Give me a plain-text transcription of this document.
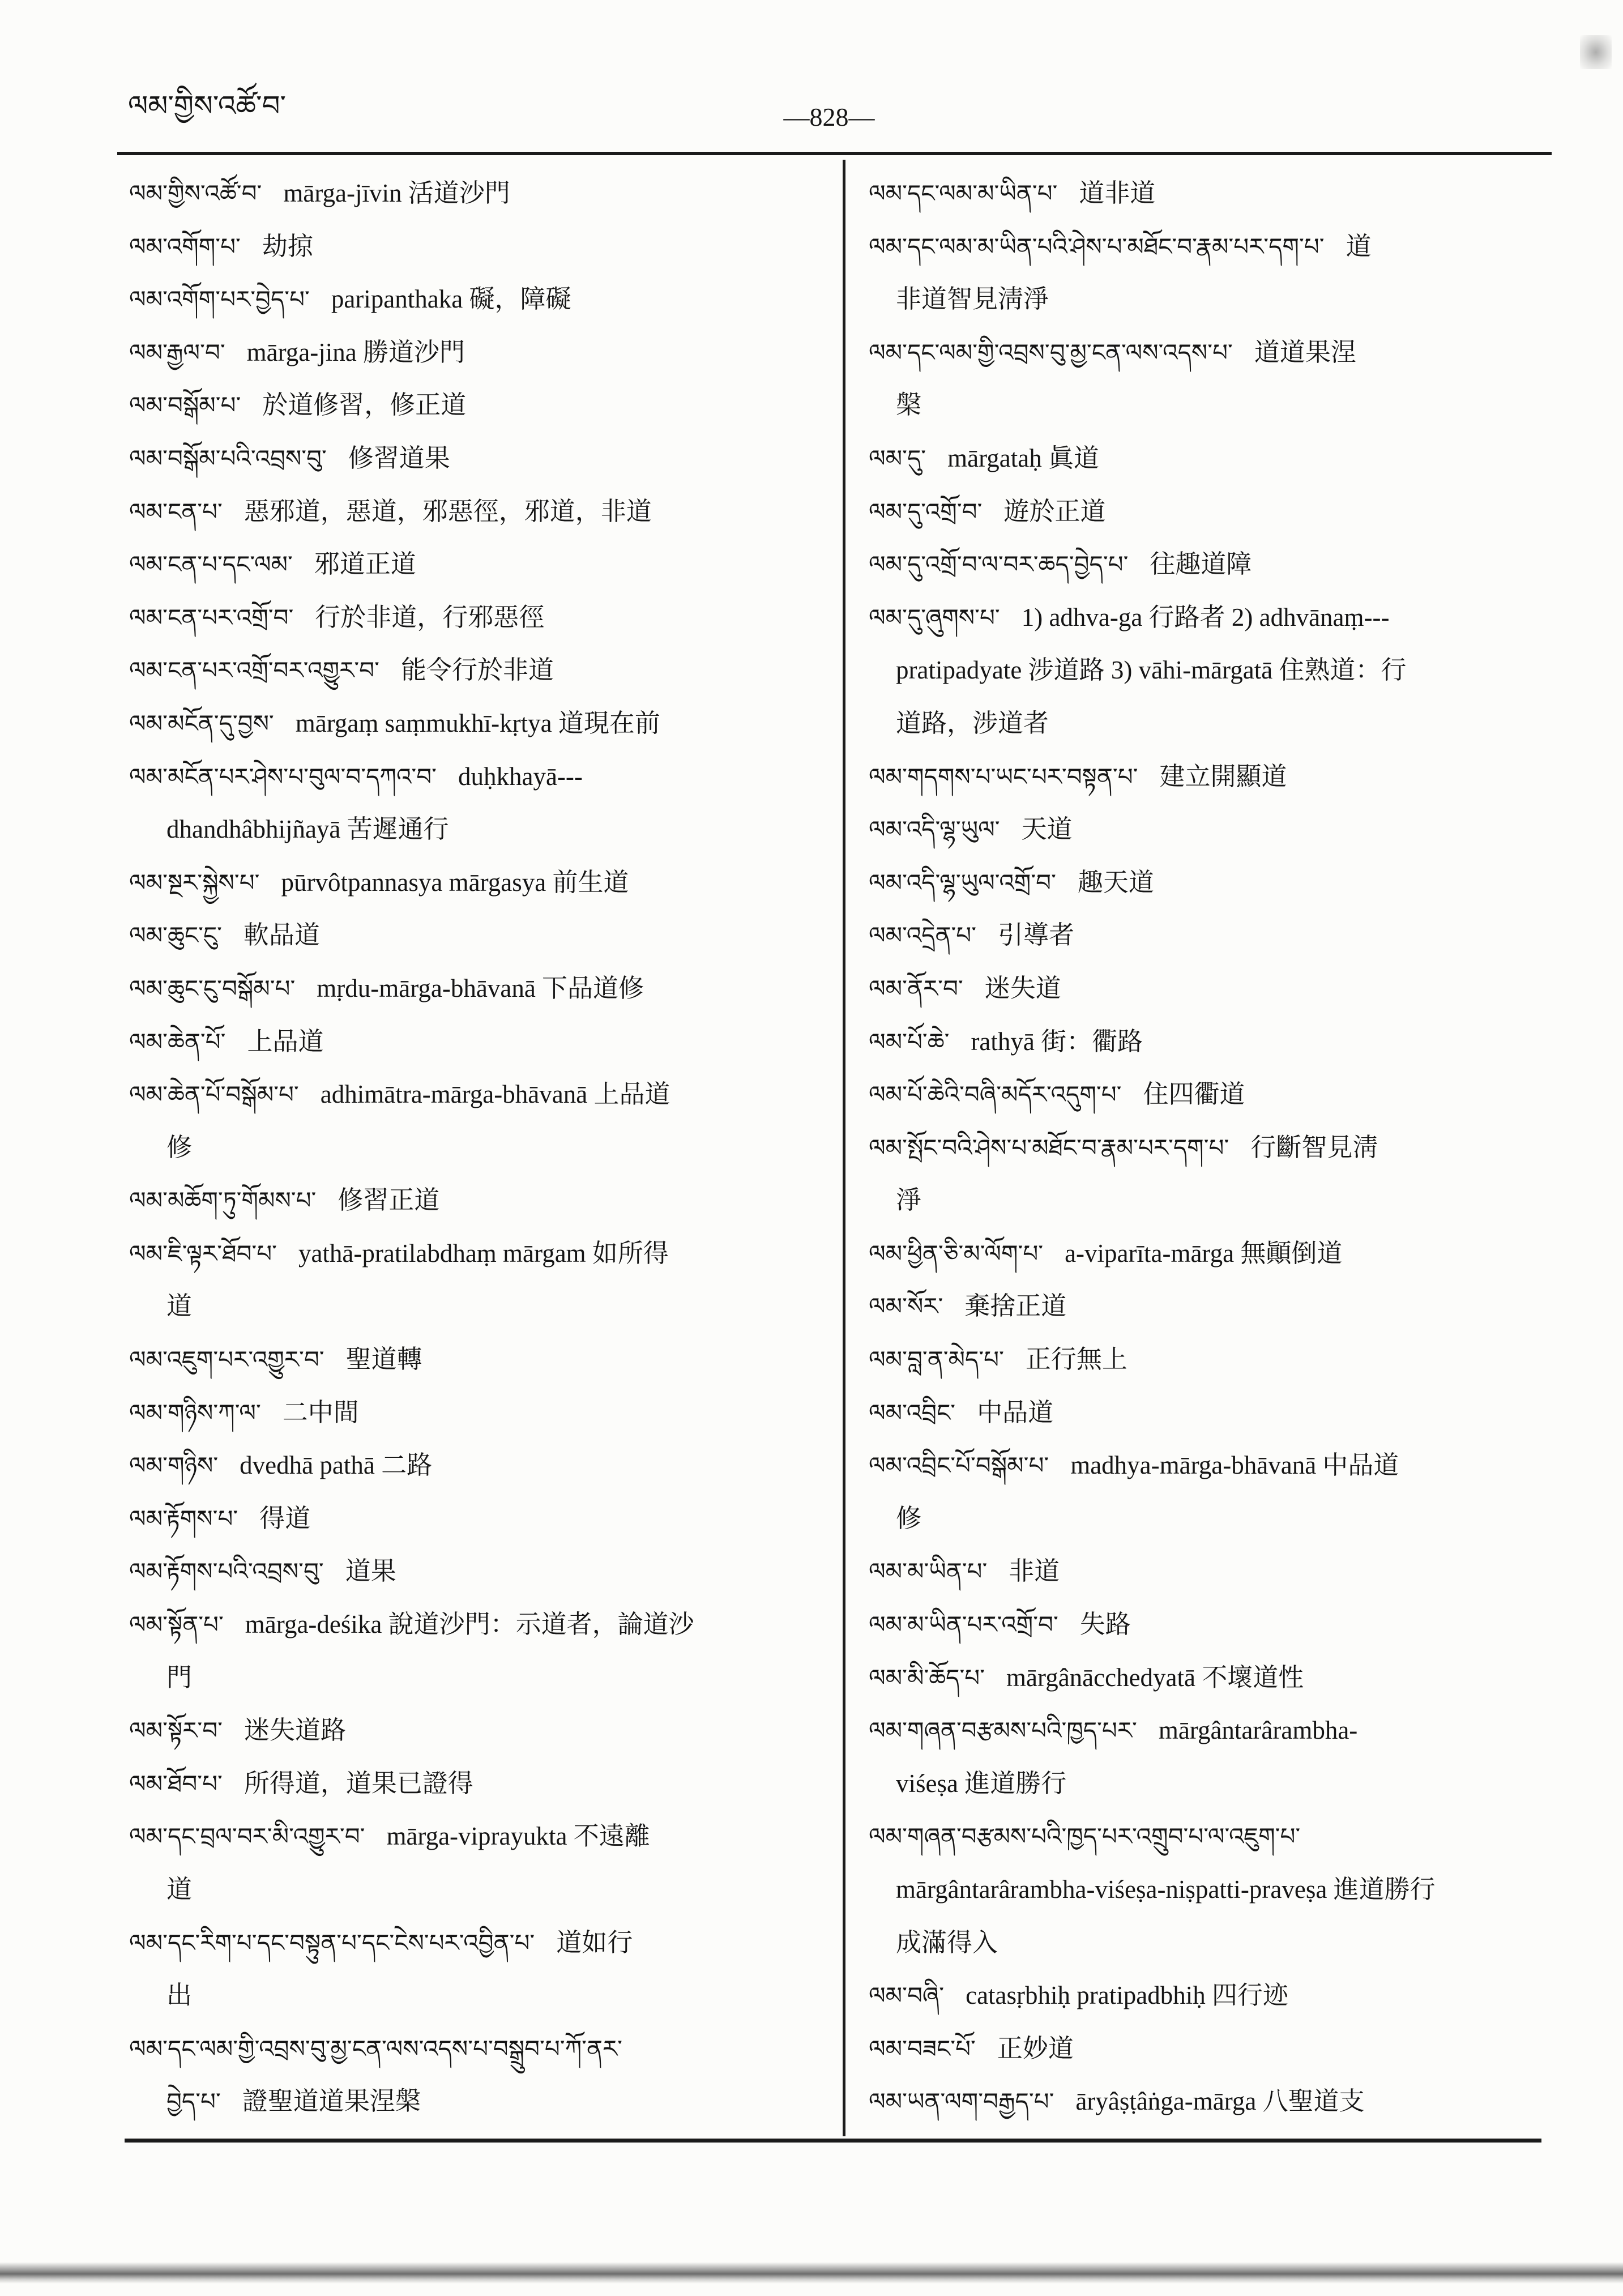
ལམ་གྱིས་འཚོ་བ་	—828—
ལམ་གྱིས་འཚོ་བ་ mārga-jīvin 活道沙門
ལམ་འགོག་པ་ 劫掠
ལམ་འགོག་པར་བྱེད་པ་ paripanthaka 礙，障礙
ལམ་རྒྱལ་བ་ mārga-jina 勝道沙門
ལམ་བསྒོམ་པ་ 於道修習，修正道
ལམ་བསྒོམ་པའི་འབྲས་བུ་ 修習道果
ལམ་ངན་པ་ 惡邪道，惡道，邪惡徑，邪道，非道
ལམ་ངན་པ་དང་ལམ་ 邪道正道
ལམ་ངན་པར་འགྲོ་བ་ 行於非道，行邪惡徑
ལམ་ངན་པར་འགྲོ་བར་འགྱུར་བ་ 能令行於非道
ལམ་མངོན་དུ་བྱས་ mārgaṃ saṃmukhī-kṛtya 道現在前
ལམ་མངོན་པར་ཤེས་པ་བུལ་བ་དཀའ་བ་ duḥkhayā---
dhandhâbhijñayā 苦遲通行
ལམ་སྔར་སྐྱེས་པ་ pūrvôtpannasya mārgasya 前生道
ལམ་ཆུང་ངུ་ 軟品道
ལམ་ཆུང་ངུ་བསྒོམ་པ་ mṛdu-mārga-bhāvanā 下品道修
ལམ་ཆེན་པོ་ 上品道
ལམ་ཆེན་པོ་བསྒོམ་པ་ adhimātra-mārga-bhāvanā 上品道
修
ལམ་མཆོག་ཏུ་གོམས་པ་ 修習正道
ལམ་ཇི་ལྟར་ཐོབ་པ་ yathā-pratilabdhaṃ mārgam 如所得
道
ལམ་འཇུག་པར་འགྱུར་བ་ 聖道轉
ལམ་གཉིས་ཀ་ལ་ 二中間
ལམ་གཉིས་ dvedhā pathā 二路
ལམ་རྟོགས་པ་ 得道
ལམ་རྟོགས་པའི་འབྲས་བུ་ 道果
ལམ་སྟོན་པ་ mārga-deśika 說道沙門：示道者，論道沙
門
ལམ་སྟོར་བ་ 迷失道路
ལམ་ཐོབ་པ་ 所得道，道果已證得
ལམ་དང་བྲལ་བར་མི་འགྱུར་བ་ mārga-viprayukta 不遠離
道
ལམ་དང་རིག་པ་དང་བསྟུན་པ་དང་ངེས་པར་འབྱིན་པ་ 道如行
出
ལམ་དང་ལམ་གྱི་འབྲས་བུ་མྱ་ངན་ལས་འདས་པ་བསྒྲུབ་པ་ཀོ་ནར་
བྱེད་པ་ 證聖道道果涅槃
ལམ་དང་ལམ་མ་ཡིན་པ་ 道非道
ལམ་དང་ལམ་མ་ཡིན་པའི་ཤེས་པ་མཐོང་བ་རྣམ་པར་དག་པ་ 道
非道智見淸淨
ལམ་དང་ལམ་གྱི་འབྲས་བུ་མྱ་ངན་ལས་འདས་པ་ 道道果涅
槃
ལམ་དུ་ mārgataḥ 眞道
ལམ་དུ་འགྲོ་བ་ 遊於正道
ལམ་དུ་འགྲོ་བ་ལ་བར་ཆད་བྱེད་པ་ 往趣道障
ལམ་དུ་ཞུགས་པ་ 1) adhva-ga 行路者 2) adhvānaṃ---
pratipadyate 涉道路 3) vāhi-mārgatā 住熟道：行
道路，涉道者
ལམ་གདགས་པ་ཡང་པར་བསྟན་པ་ 建立開顯道
ལམ་འདི་ལྷ་ཡུལ་ 天道
ལམ་འདི་ལྷ་ཡུལ་འགྲོ་བ་ 趣天道
ལམ་འདྲེན་པ་ 引導者
ལམ་ནོར་བ་ 迷失道
ལམ་པོ་ཆེ་ rathyā 街：衢路
ལམ་པོ་ཆེའི་བཞི་མདོར་འདུག་པ་ 住四衢道
ལམ་སྤོང་བའི་ཤེས་པ་མཐོང་བ་རྣམ་པར་དག་པ་ 行斷智見淸
淨
ལམ་ཕྱིན་ཅི་མ་ལོག་པ་ a-viparīta-mārga 無顚倒道
ལམ་སོར་ 棄捨正道
ལམ་བླ་ན་མེད་པ་ 正行無上
ལམ་འབྲིང་ 中品道
ལམ་འབྲིང་པོ་བསྒོམ་པ་ madhya-mārga-bhāvanā 中品道
修
ལམ་མ་ཡིན་པ་ 非道
ལམ་མ་ཡིན་པར་འགྲོ་བ་ 失路
ལམ་མི་ཆོད་པ་ mārgânācchedyatā 不壞道性
ལམ་གཞན་བརྩམས་པའི་ཁྱད་པར་ mārgântarârambha-
viśeṣa 進道勝行
ལམ་གཞན་བརྩམས་པའི་ཁྱད་པར་འགྲུབ་པ་ལ་འཇུག་པ་
mārgântarârambha-viśeṣa-niṣpatti-praveṣa 進道勝行
成滿得入
ལམ་བཞི་ catasṛbhiḥ pratipadbhiḥ 四行迹
ལམ་བཟང་པོ་ 正妙道
ལམ་ཡན་ལག་བརྒྱད་པ་ āryâṣṭâṅga-mārga 八聖道支
